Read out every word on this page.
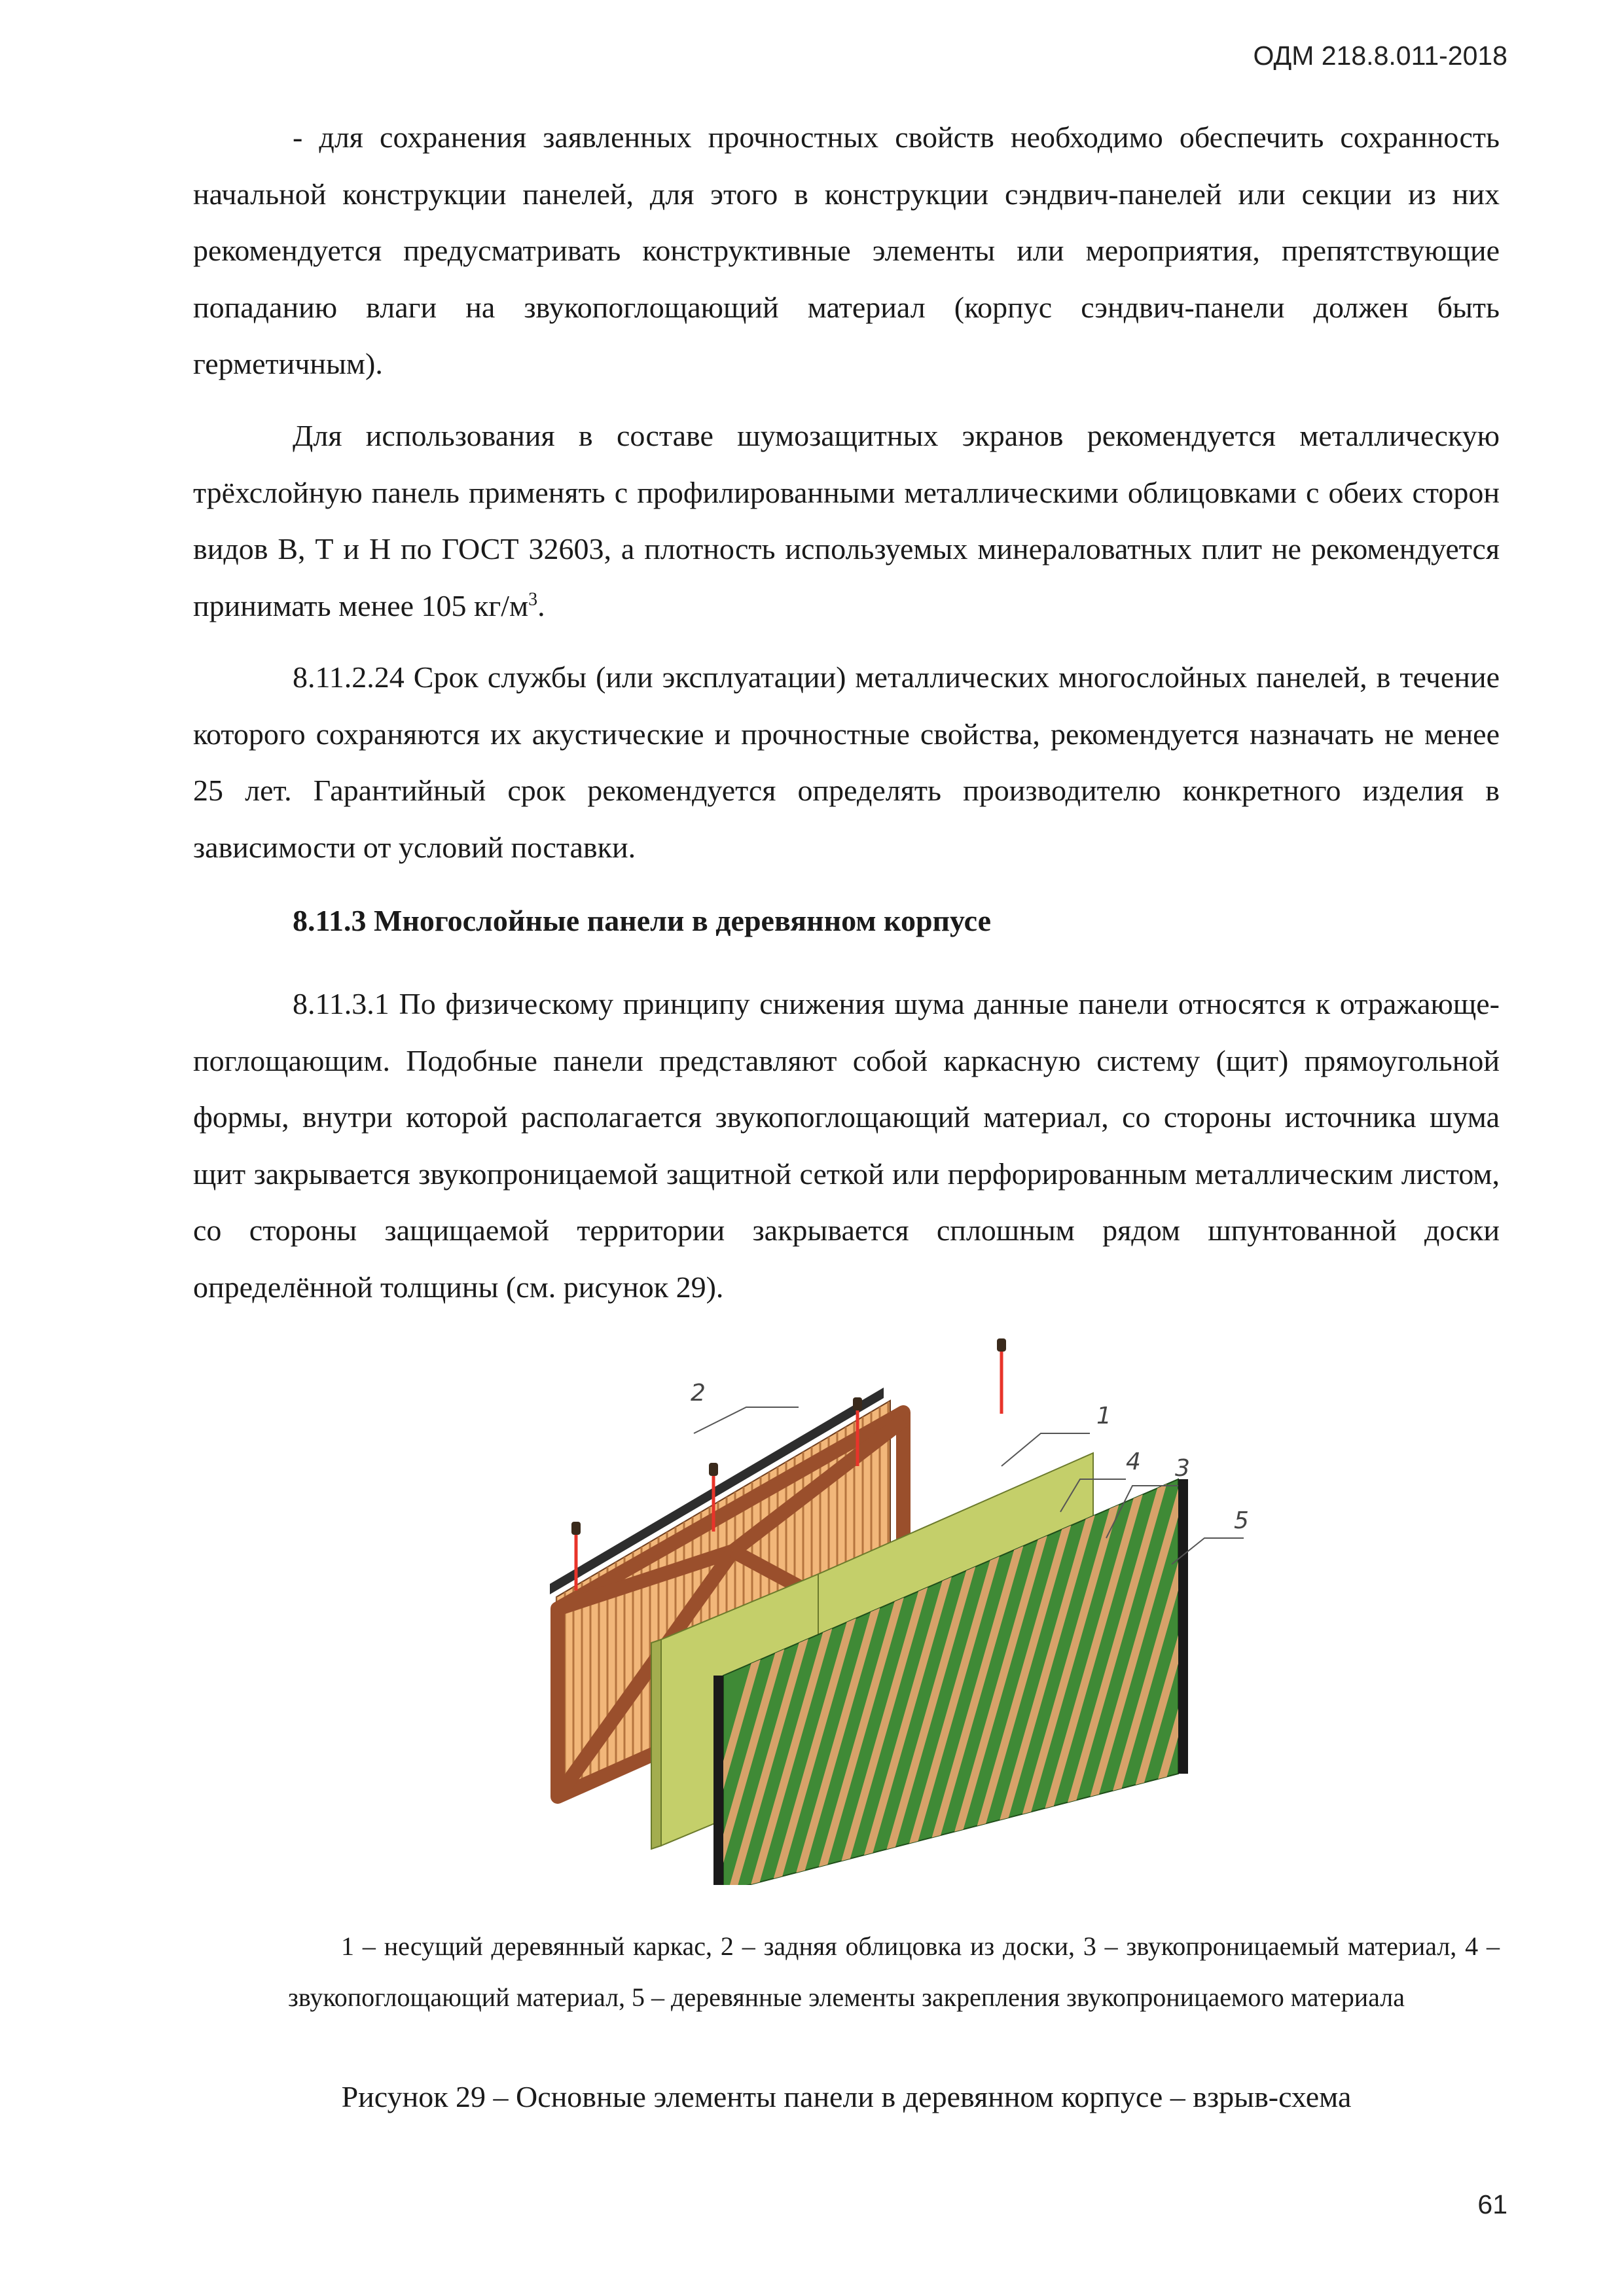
ОДМ 218.8.011-2018

- для сохранения заявленных прочностных свойств необходимо обеспечить сохранность начальной конструкции панелей, для этого в конструкции сэндвич-панелей или секции из них рекомендуется предусматривать конструктивные элементы или мероприятия, препятствующие попаданию влаги на звукопоглощающий материал (корпус сэндвич-панели должен быть герметичным).

Для использования в составе шумозащитных экранов рекомендуется металлическую трёхслойную панель применять с профилированными металлическими облицовками с обеих сторон видов В, Т и Н по ГОСТ 32603, а плотность используемых минераловатных плит не рекомендуется принимать менее 105 $кг/м^3$.

8.11.2.24 Срок службы (или эксплуатации) металлических многослойных панелей, в течение которого сохраняются их акустические и прочностные свойства, рекомендуется назначать не менее 25 лет. Гарантийный срок рекомендуется определять производителю конкретного изделия в зависимости от условий поставки.

8.11.3 Многослойные панели в деревянном корпусе

8.11.3.1 По физическому принципу снижения шума данные панели относятся к отражающе-поглощающим. Подобные панели представляют собой каркасную систему (щит) прямоугольной формы, внутри которой располагается звукопоглощающий материал, со стороны источника шума щит закрывается звукопроницаемой защитной сеткой или перфорированным металлическим листом, со стороны защищаемой территории закрывается сплошным рядом шпунтованной доски определённой толщины (см. рисунок 29).

2
1
4 3
5

1 – несущий деревянный каркас, 2 – задняя облицовка из доски, 3 – звукопроницаемый материал, 4 – звукопоглощающий материал, 5 – деревянные элементы закрепления звукопроницаемого материала

Рисунок 29 – Основные элементы панели в деревянном корпусе – взрыв-схема
61
